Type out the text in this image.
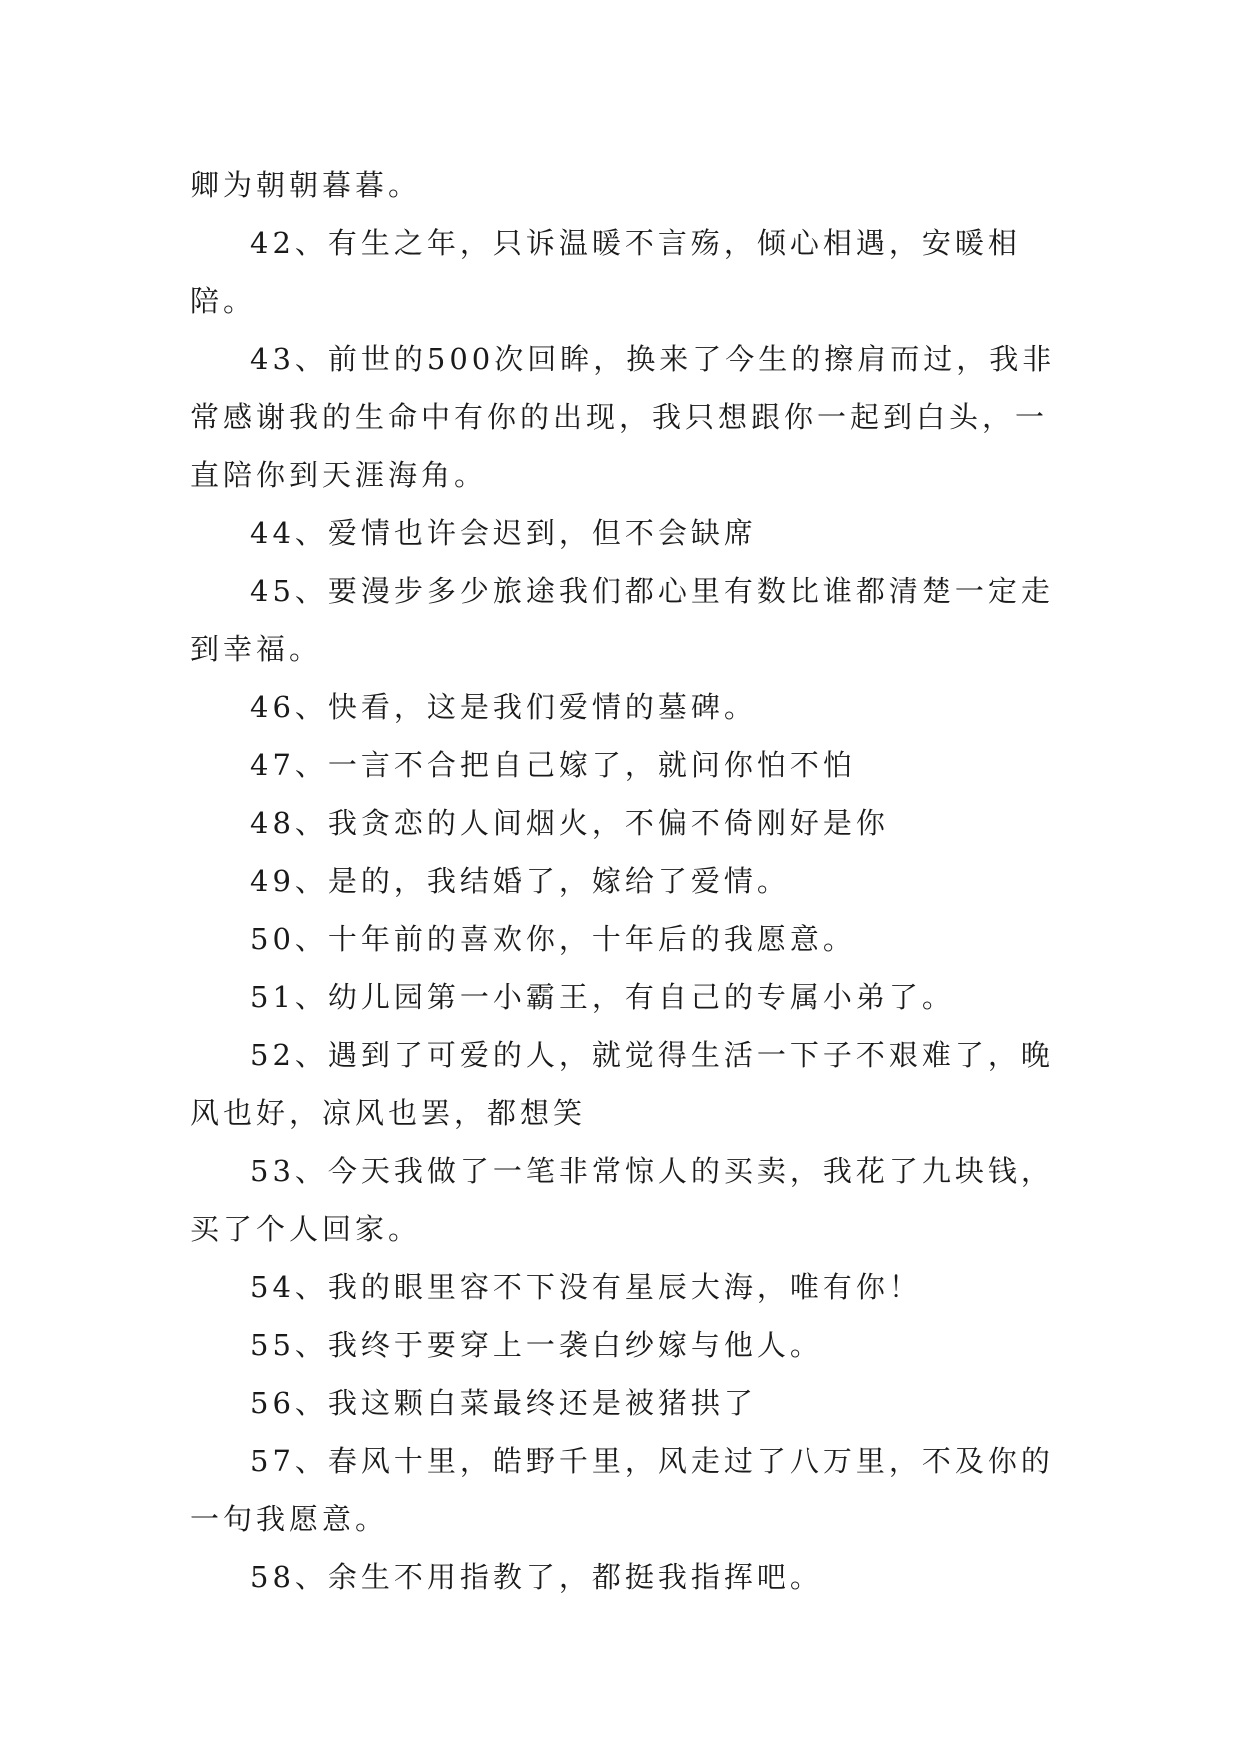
卿为朝朝暮暮。

42、有生之年，只诉温暖不言殇，倾心相遇，安暖相陪。

43、前世的500次回眸，换来了今生的擦肩而过，我非常感谢我的生命中有你的出现，我只想跟你一起到白头，一直陪你到天涯海角。

44、爱情也许会迟到，但不会缺席

45、要漫步多少旅途我们都心里有数比谁都清楚一定走到幸福。

46、快看，这是我们爱情的墓碑。

47、一言不合把自己嫁了，就问你怕不怕

48、我贪恋的人间烟火，不偏不倚刚好是你

49、是的，我结婚了，嫁给了爱情。

50、十年前的喜欢你，十年后的我愿意。

51、幼儿园第一小霸王，有自己的专属小弟了。

52、遇到了可爱的人，就觉得生活一下子不艰难了，晚风也好，凉风也罢，都想笑

53、今天我做了一笔非常惊人的买卖，我花了九块钱，买了个人回家。

54、我的眼里容不下没有星辰大海，唯有你！

55、我终于要穿上一袭白纱嫁与他人。

56、我这颗白菜最终还是被猪拱了

57、春风十里，皓野千里，风走过了八万里，不及你的一句我愿意。

58、余生不用指教了，都挺我指挥吧。
